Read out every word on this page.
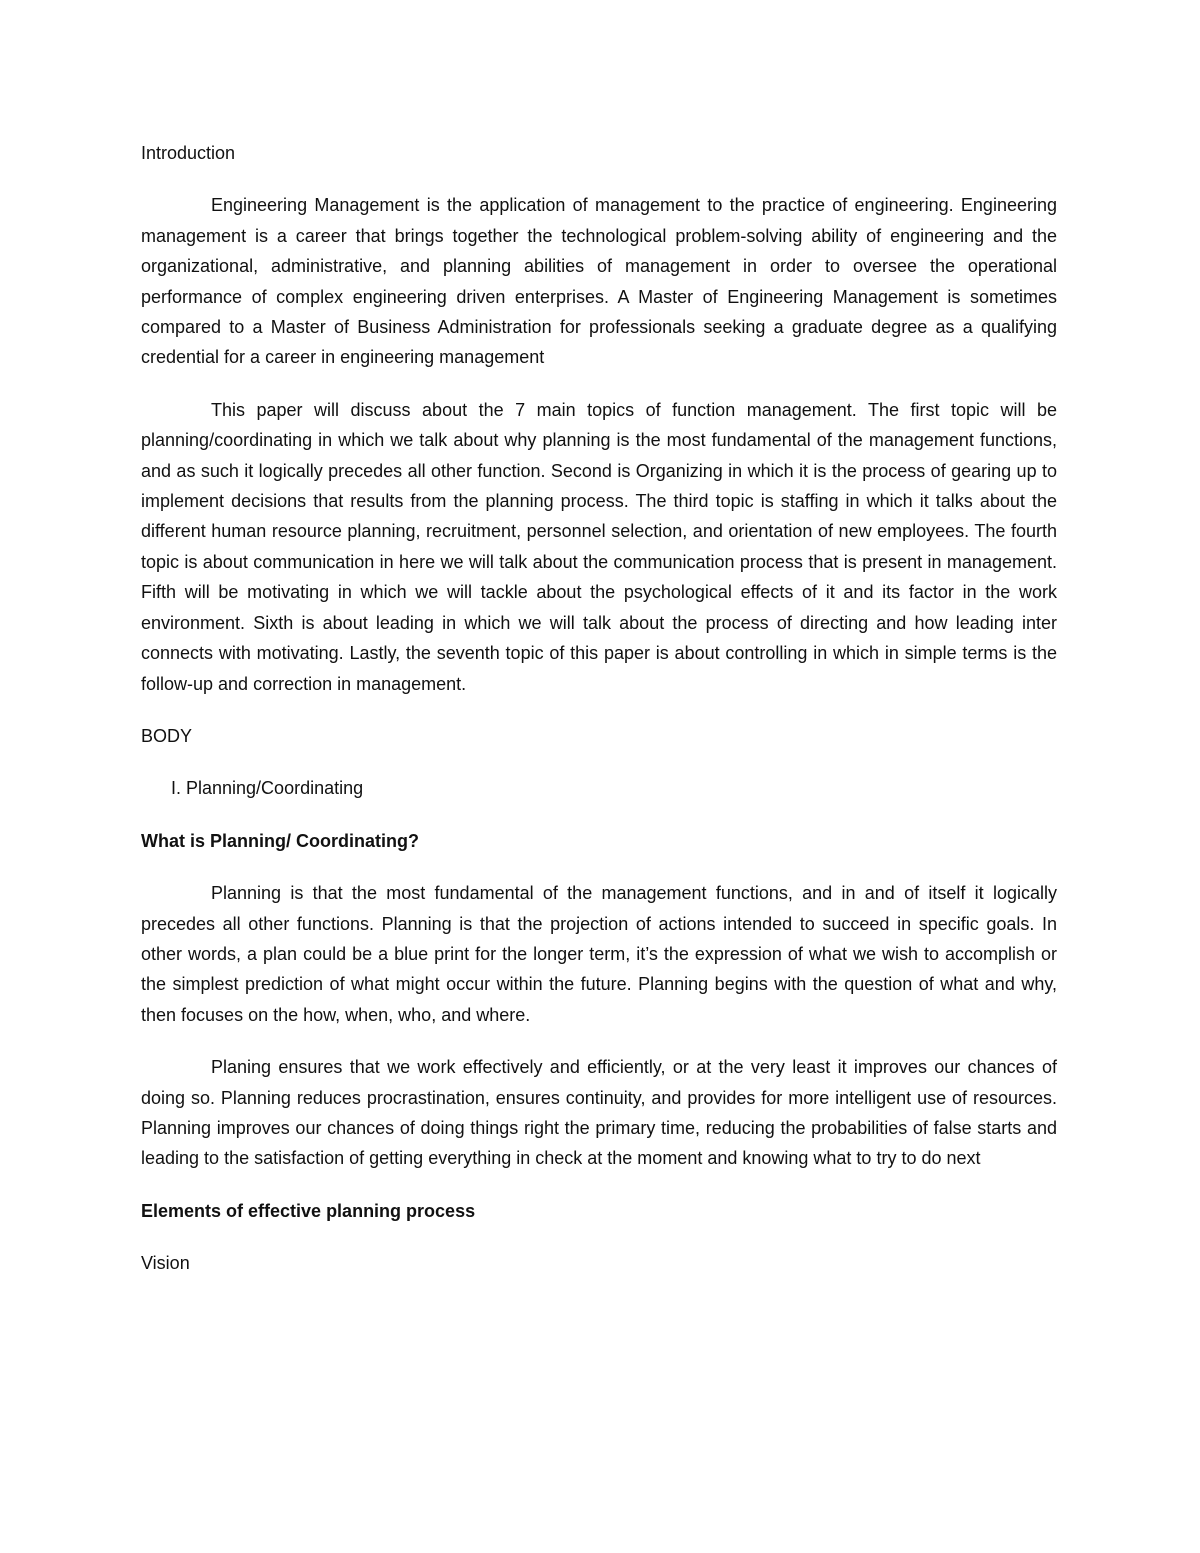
Introduction

Engineering Management is the application of management to the practice of engineering. Engineering management is a career that brings together the technological problem-solving ability of engineering and the organizational, administrative, and planning abilities of management in order to oversee the operational performance of complex engineering driven enterprises. A Master of Engineering Management is sometimes compared to a Master of Business Administration for professionals seeking a graduate degree as a qualifying credential for a career in engineering management

This paper will discuss about the 7 main topics of function management. The first topic will be planning/coordinating in which we talk about why planning is the most fundamental of the management functions, and as such it logically precedes all other function. Second is Organizing in which it is the process of gearing up to implement decisions that results from the planning process. The third topic is staffing in which it talks about the different human resource planning, recruitment, personnel selection, and orientation of new employees. The fourth topic is about communication in here we will talk about the communication process that is present in management. Fifth will be motivating in which we will tackle about the psychological effects of it and its factor in the work environment. Sixth is about leading in which we will talk about the process of directing and how leading inter connects with motivating. Lastly, the seventh topic of this paper is about controlling in which in simple terms is the follow-up and correction in management.

BODY

I. Planning/Coordinating

What is Planning/ Coordinating?

Planning is that the most fundamental of the management functions, and in and of itself it logically precedes all other functions. Planning is that the projection of actions intended to succeed in specific goals. In other words, a plan could be a blue print for the longer term, it’s the expression of what we wish to accomplish or the simplest prediction of what might occur within the future. Planning begins with the question of what and why, then focuses on the how, when, who, and where.

Planing ensures that we work effectively and efficiently, or at the very least it improves our chances of doing so. Planning reduces procrastination, ensures continuity, and provides for more intelligent use of resources. Planning improves our chances of doing things right the primary time, reducing the probabilities of false starts and leading to the satisfaction of getting everything in check at the moment and knowing what to try to do next

Elements of effective planning process

Vision
